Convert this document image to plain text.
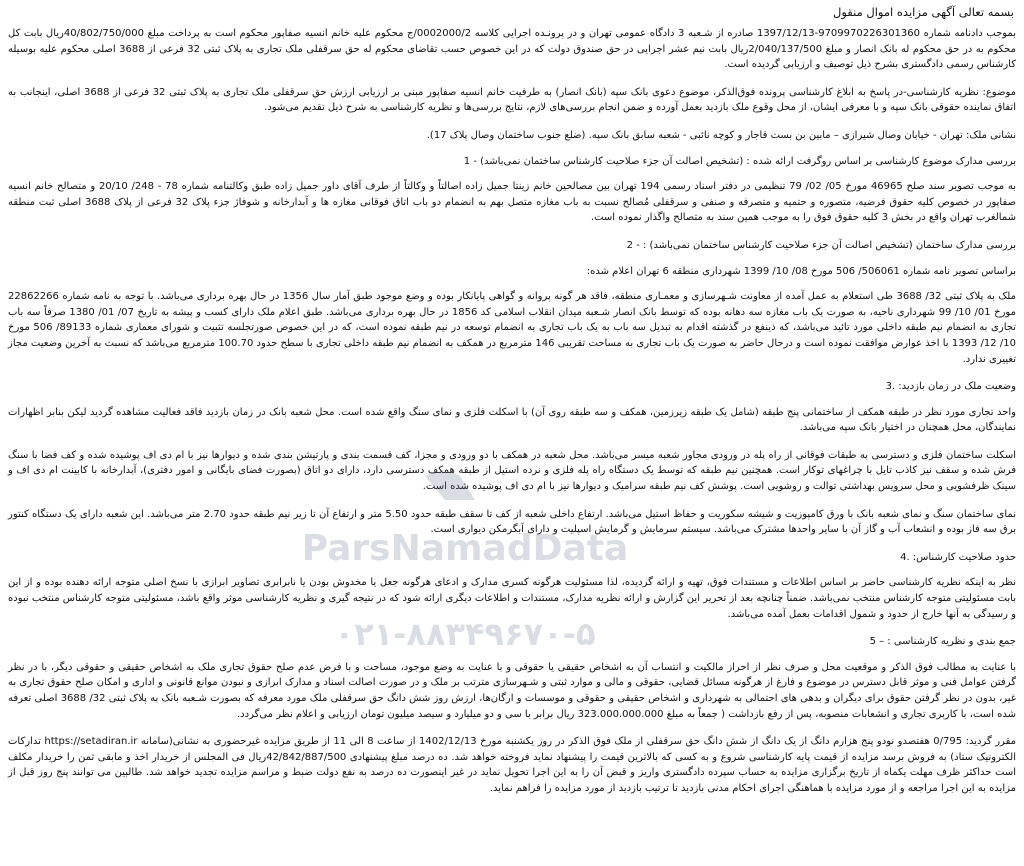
بسمه تعالی آگهی مزایده اموال منقول

بموجب دادنامه شماره 9709970226301360-1397/12/13 صادره از شـعبه 3 دادگاه عمومی تهران و در پرونـده اجرایی کلاسه 0002000/2/ج محکوم علیه خانم انسیه صفاپور محکوم است به پرداخت مبلغ 40/802/750/000ریال بابت کل محکوم به در حق محکوم له بانک انصار و مبلغ 2/040/137/500ریال بابت نیم عشر اجرایی در حق صندوق دولت که در این خصوص حسب تقاضای محکوم له حق سرقفلی ملک تجاری به پلاک ثبتی 32 فرعی از 3688 اصلی محکوم علیه بوسیله کارشناس رسمی دادگستری بشرح ذیل توصیف و ارزیابی گردیده است.

موضوع: نظریه کارشناسی-در پاسخ به ابلاغ کارشناسی پرونده فوق‌الذکر، موضوع دعوی بانک سپه (بانک انصار) به طرفیت خانم انسیه صفاپور مبنی بر ارزیابی ارزش حق سرقفلی ملک تجاری به پلاک ثبتی 32 فرعی از 3688 اصلی، اینجانب به اتفاق نماینده حقوقی بانک سپه و با معرفی ایشان، از محل وقوع ملک بازدید بعمل آورده و ضمن انجام بررسی‌های لازم، نتایج بررسی‌ها و نظریه کارشناسی به شرح ذیل تقدیم می‌شود.

نشانی ملک: تهران - خیابان وصال شیرازی – مابین بن بست قاجار و کوچه نائبی - شعبه سابق بانک سپه. (ضلع جنوب ساختمان وصال پلاک 17).

بررسی مدارک موضوع کارشناسی بر اساس روگرفت ارائه شده : (تشخیص اصالت آن جزء صلاحیت کارشناس ساختمان نمی‌باشد) - 1

به موجب تصویر سند صلح 46965 مورخ 05/ 02/ 79 تنظیمی در دفتر اسناد رسمی 194 تهران بین مصالحین خانم زینتا جمیل زاده اصالتاً و وکالتاً از طرف آقای داور جمیل زاده طبق وکالتنامه شماره 78 - 248/ 20/10 و متصالح خانم انسیه صفاپور در خصوص کلیه حقوق فرضیه، متصوره و حتمیه و متصرفه و صنفی و سرقفلی مُصالح نسبت به باب مغازه متصل بهم به انضمام دو باب اتاق فوقانی مغازه ها و آبدارخانه و شوفاژ جزء پلاک 32 فرعی از پلاک 3688 اصلی ثبت منطقه شمالغرب تهران واقع در بخش 3 کلیه حقوق فوق را به موجب همین سند به متصالح واگذار نموده است.

بررسی مدارک ساختمان (تشخیص اصالت آن جزء صلاحیت کارشناس ساختمان نمی‌باشد) : - 2

براساس تصویر نامه شماره 506061/ 506 مورخ 08/ 10/ 1399 شهرداری منطقه 6 تهران اعلام شده:

ملک به پلاک ثبتی 32/ 3688 طی استعلام به عمل آمده از معاونت شـهرسازی و معمـاری منطقه، فاقد هر گونه پروانه و گواهی پایانکار بوده و وضع موجود طبق آمار سال 1356 در حال بهره برداری می‌باشد. با توجه به نامه شماره 22862266 مورخ 01/ 10/ 99 شهرداری ناحیه، به صورت یک باب مغازه سه دهانه بوده که توسط بانک انصار شـعبه میدان انقلاب اسلامی کد 1856 در حال بهره برداری می‌باشد. طبق اعلام ملک دارای کسب و پیشه به تاریخ 07/ 01/ 1380 صرفاً سه باب تجاری به انضمام نیم طبقه داخلی مورد تائید می‌باشد، که ذینفع در گذشته اقدام به تبدیل سه باب به یک باب تجاری به انضمام توسعه در نیم طبقه نموده است، که در این خصوص صورتجلسه تثبیت و شورای معماری شماره 89133/ 506 مورخ 10/ 12/ 1393 با اخذ عوارض موافقت نموده است و درحال حاضر به صورت یک باب تجاری به مساحت تقریبی 146 مترمربع در همکف به انضمام نیم طبقه داخلی تجاری با سطح حدود 100.70 مترمربع می‌باشد که نسبت به آخرین وضعیت مجاز تغییری ندارد.

وضعیت ملک در زمان بازدید: .3

واحد تجاری مورد نظر در طبقه همکف از ساختمانی پنج طبقه (شامل یک طبقه زیرزمین، همکف و سه طبقه روی آن) با اسکلت فلزی و نمای سنگ واقع شده است. محل شعبه بانک در زمان بازدید فاقد فعالیت مشاهده گردید لیکن بنابر اظهارات نمایندگان، محل همچنان در اختیار بانک سپه می‌باشد.

اسکلت ساختمان فلزی و دسترسی به طبقات فوقانی از راه پله در ورودی مجاور شعبه میسر می‌باشد. محل شعبه در همکف با دو ورودی و مجزا، کف قسمت بندی و پارتیشن بندی شده و دیوارها نیز با ام دی اف پوشیده شده و کف فضا با سنگ فرش شده و سقف نیز کاذب تایل با چراغهای توکار است. همچنین نیم طبقه که توسط یک دستگاه راه پله فلزی و نرده استیل از طبقه همکف دسترسی دارد، دارای دو اتاق (بصورت فضای بایگانی و امور دفتری)، آبدارخانه با کابینت ام دی اف و سینک ظرفشویی و محل سرویس بهداشتی توالت و روشویی است. پوشش کف نیم طبقه سرامیک و دیوارها نیز با ام دی اف پوشیده شده است.

نمای ساختمان سنگ و نمای شعبه بانک با ورق کامپوزیت و شیشه سکوریت و حفاظ استیل می‌باشد. ارتفاع داخلی شعبه از کف تا سقف طبقه حدود 5.50 متر و ارتفاع آن تا زیر نیم طبقه حدود 2.70 متر می‌باشد. این شعبه دارای یک دستگاه کنتور برق سه فاز بوده و انشعاب آب و گاز آن با سایر واحدها مشترک می‌باشد. سیستم سرمایش و گرمایش اسپلیت و دارای آبگرمکن دیواری است.

حدود صلاحیت کارشناس: .4

نظر به اینکه نظریه کارشناسی حاضر بر اساس اطلاعات و مستندات فوق، تهیه و ارائه گردیده، لذا مسئولیت هرگونه کسری مدارک و ادعای هرگونه جعل یا مخدوش بودن یا نابرابری تصاویر ابرازی با نسخ اصلی متوجه ارائه دهنده بوده و از این بابت مسئولیتی متوجه کارشناس منتخب نمی‌باشد. ضمناً چنانچه بعد از تحریر این گزارش و ارائه نظریه مدارک، مستندات و اطلاعات دیگری ارائه شود که در نتیجه گیری و نظریه کارشناسی موثر واقع باشد، مسئولیتی متوجه کارشناس منتخب نبوده و رسیدگی به آنها خارج از حدود و شمول اقدامات بعمل آمده می‌باشد.

جمع بندی و نظریه کارشناسی : – 5

با عنایت به مطالب فوق الذکر و موقعیت محل و صرف نظر از احراز مالکیت و انتساب آن به اشخاص حقیقی یا حقوقی و با عنایت به وضع موجود، مساحت و با فرض عدم صلح حقوق تجاری ملک به اشخاص حقیقی و حقوقی دیگر، با در نظر گرفتن عوامل فنی و موثر قابل دسترس در موضوع و فارغ از هرگونه مسائل قضایی، حقوقی و مالی و موارد ثبتی و شـهرسازی مترتب بر ملک و در صورت اصالت اسناد و مدارک ابرازی و نبودن موانع قانونی و اداری و امکان صلح حقوق تجاری به غیر، بدون در نظر گرفتن حقوق برای دیگران و بدهی های احتمالی به شهرداری و اشخاص حقیقی و حقوقی و موسسات و ارگان‌ها، ارزش روز شش دانگ حق سرقفلی ملک مورد معرفه که بصورت شـعبه بانک به پلاک ثبتی 32/ 3688 اصلی تعرفه شده است، با کاربری تجاری و انشعابات منصوبه، پس از رفع بازداشت ( جمعاً به مبلغ 323.000.000.000 ریال برابر با سی و دو میلیارد و سیصد میلیون تومان ارزیابی و اعلام نظر می‌گردد.

مقرر گردید: 0/795 هفتصدو نودو پنج هزارم دانگ از یک دانگ از شش دانگ حق سرقفلی از ملک فوق الذکر در روز یکشنبه مورخ 1402/12/13 از ساعت 8 الی 11 از طریق مزایده غیرحضوری به نشانی(سامانه https://setadiran.ir تدارکات الکترونیک ستاد) به فروش برسد مزایده از قیمت پایه کارشناسی شروع و به کسی که بالاترین قیمت را پیشنهاد نماید فروخته خواهد شد. ده درصد مبلغ پیشنهادی 42/842/887/500ریال فی المجلس از خریدار اخذ و مابقی ثمن را خریدار مکلف است حداکثر ظرف مهلت یکماه از تاریخ برگزاری مزایده به حساب سپرده دادگستری واریز و قبض آن را به این اجرا تحویل نماید در غیر اینصورت ده درصد به نفع دولت ضبط و مراسم مزایده تجدید خواهد شد. طالبین می توانند پنج روز قبل از مزایده به این اجرا مراجعه و از مورد مزایده با هماهنگی اجرای احکام مدنی بازدید تا ترتیب بازدید از مورد مزایده را فراهم نماید.

ParsNamadData
۰۲۱-۸۸۳۴۹۶۷۰-۵
